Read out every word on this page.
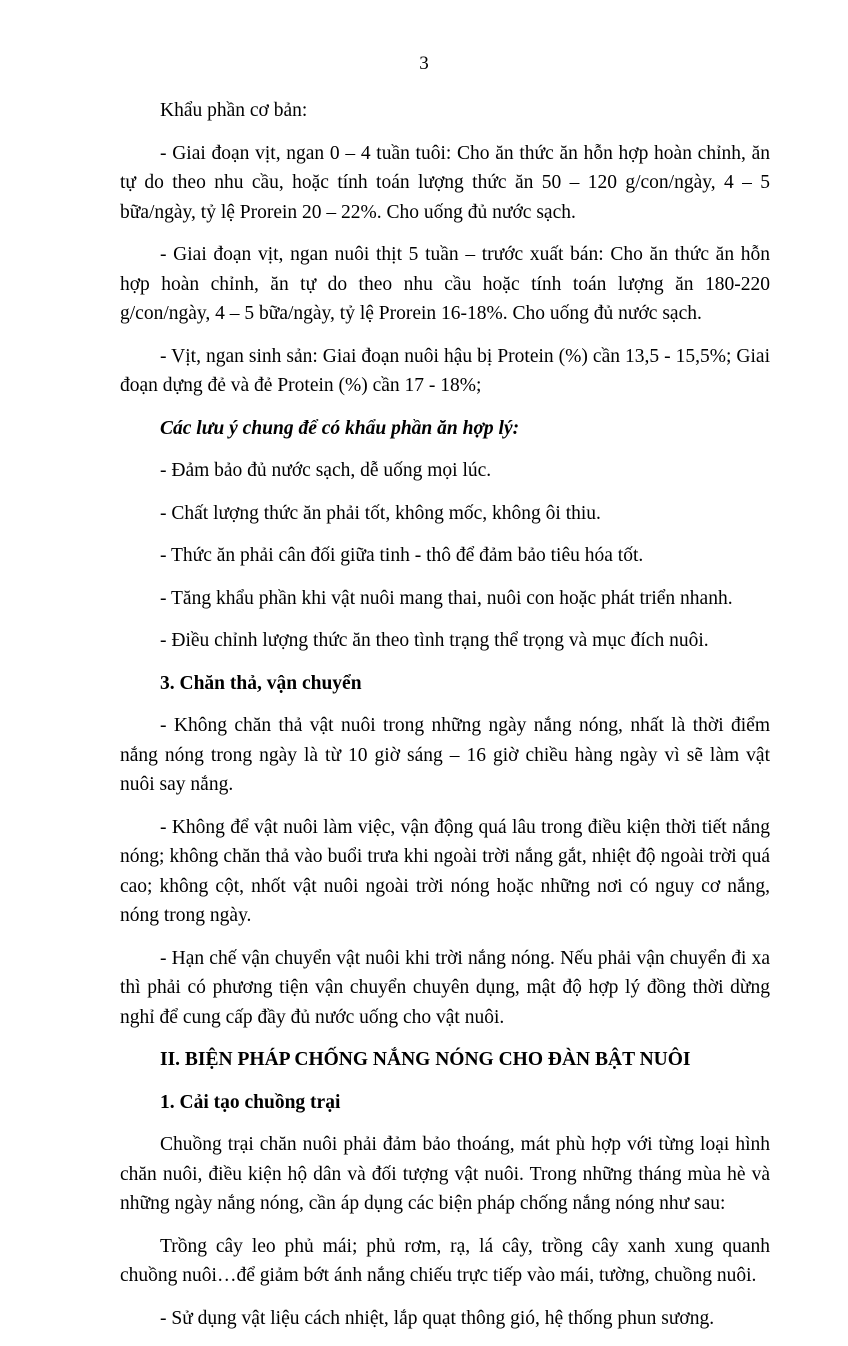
3

Khẩu phần cơ bản:

- Giai đoạn vịt, ngan 0 – 4 tuần tuôi: Cho ăn thức ăn hỗn hợp hoàn chỉnh, ăn tự do theo nhu cầu, hoặc tính toán lượng thức ăn 50 – 120 g/con/ngày, 4 – 5 bữa/ngày, tỷ lệ Prorein 20 – 22%. Cho uống đủ nước sạch.

- Giai đoạn vịt, ngan nuôi thịt 5 tuần – trước xuất bán: Cho ăn thức ăn hỗn hợp hoàn chỉnh, ăn tự do theo nhu cầu hoặc tính toán lượng ăn 180-220 g/con/ngày, 4 – 5 bữa/ngày, tỷ lệ Prorein 16-18%. Cho uống đủ nước sạch.

- Vịt, ngan sinh sản: Giai đoạn nuôi hậu bị Protein (%) cần 13,5 - 15,5%; Giai đoạn dựng đẻ và đẻ Protein (%) cần 17 - 18%;

Các lưu ý chung để có khẩu phần ăn hợp lý:

- Đảm bảo đủ nước sạch, dễ uống mọi lúc.

- Chất lượng thức ăn phải tốt, không mốc, không ôi thiu.

- Thức ăn phải cân đối giữa tinh - thô để đảm bảo tiêu hóa tốt.

- Tăng khẩu phần khi vật nuôi mang thai, nuôi con hoặc phát triển nhanh.

- Điều chỉnh lượng thức ăn theo tình trạng thể trọng và mục đích nuôi.

3. Chăn thả, vận chuyển

- Không chăn thả vật nuôi trong những ngày nắng nóng, nhất là thời điểm nắng nóng trong ngày là từ 10 giờ sáng – 16 giờ chiều hàng ngày vì sẽ làm vật nuôi say nắng.

- Không để vật nuôi làm việc, vận động quá lâu trong điều kiện thời tiết nắng nóng; không chăn thả vào buổi trưa khi ngoài trời nắng gắt, nhiệt độ ngoài trời quá cao; không cột, nhốt vật nuôi ngoài trời nóng hoặc những nơi có nguy cơ nắng, nóng trong ngày.

- Hạn chế vận chuyển vật nuôi khi trời nắng nóng. Nếu phải vận chuyển đi xa thì phải có phương tiện vận chuyển chuyên dụng, mật độ hợp lý đồng thời dừng nghỉ để cung cấp đầy đủ nước uống cho vật nuôi.

II. BIỆN PHÁP CHỐNG NẮNG NÓNG CHO ĐÀN BẬT NUÔI

1. Cải tạo chuồng trại

Chuồng trại chăn nuôi phải đảm bảo thoáng, mát phù hợp với từng loại hình chăn nuôi, điều kiện hộ dân và đối tượng vật nuôi. Trong những tháng mùa hè và những ngày nắng nóng, cần áp dụng các biện pháp chống nắng nóng như sau:

Trồng cây leo phủ mái; phủ rơm, rạ, lá cây, trồng cây xanh xung quanh chuồng nuôi…để giảm bớt ánh nắng chiếu trực tiếp vào mái, tường, chuồng nuôi.

- Sử dụng vật liệu cách nhiệt, lắp quạt thông gió, hệ thống phun sương.
